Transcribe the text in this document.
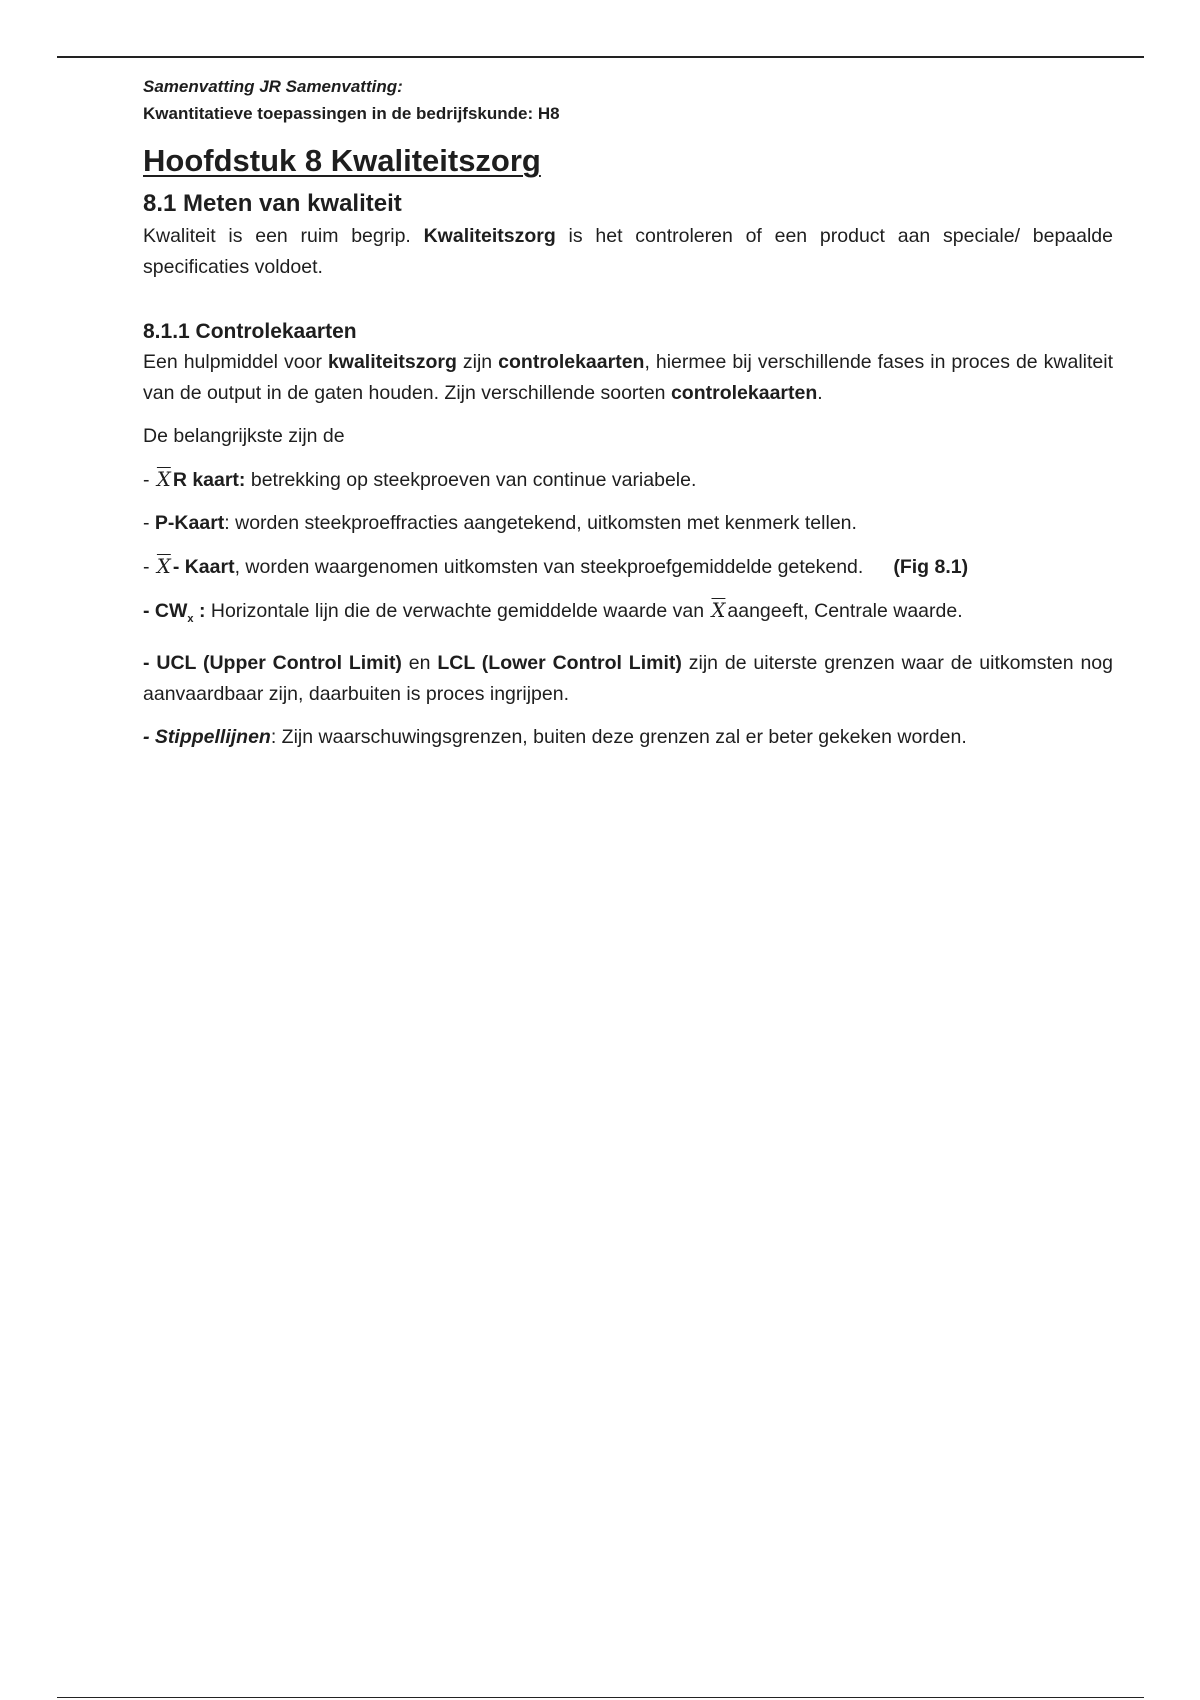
Samenvatting JR Samenvatting:
Kwantitatieve toepassingen in de bedrijfskunde: H8
Hoofdstuk 8 Kwaliteitszorg
8.1 Meten van kwaliteit

Kwaliteit is een ruim begrip. Kwaliteitszorg is het controleren of een product aan speciale/ bepaalde specificaties voldoet.

8.1.1 Controlekaarten

Een hulpmiddel voor kwaliteitszorg zijn controlekaarten, hiermee bij verschillende fases in proces de kwaliteit van de output in de gaten houden. Zijn verschillende soorten controlekaarten.

De belangrijkste zijn de

- $\overline{X}$ R kaart: betrekking op steekproeven van continue variabele.

- P-Kaart: worden steekproeffracties aangetekend, uitkomsten met kenmerk tellen.

- $\overline{X}$ - Kaart, worden waargenomen uitkomsten van steekproefgemiddelde getekend. (Fig 8.1)

- $CW_x$ : Horizontale lijn die de verwachte gemiddelde waarde van $\overline{X}$ aangeeft, Centrale waarde.

- UCL (Upper Control Limit) en LCL (Lower Control Limit) zijn de uiterste grenzen waar de uitkomsten nog aanvaardbaar zijn, daarbuiten is proces ingrijpen.

- Stippellijnen: Zijn waarschuwingsgrenzen, buiten deze grenzen zal er beter gekeken worden.
